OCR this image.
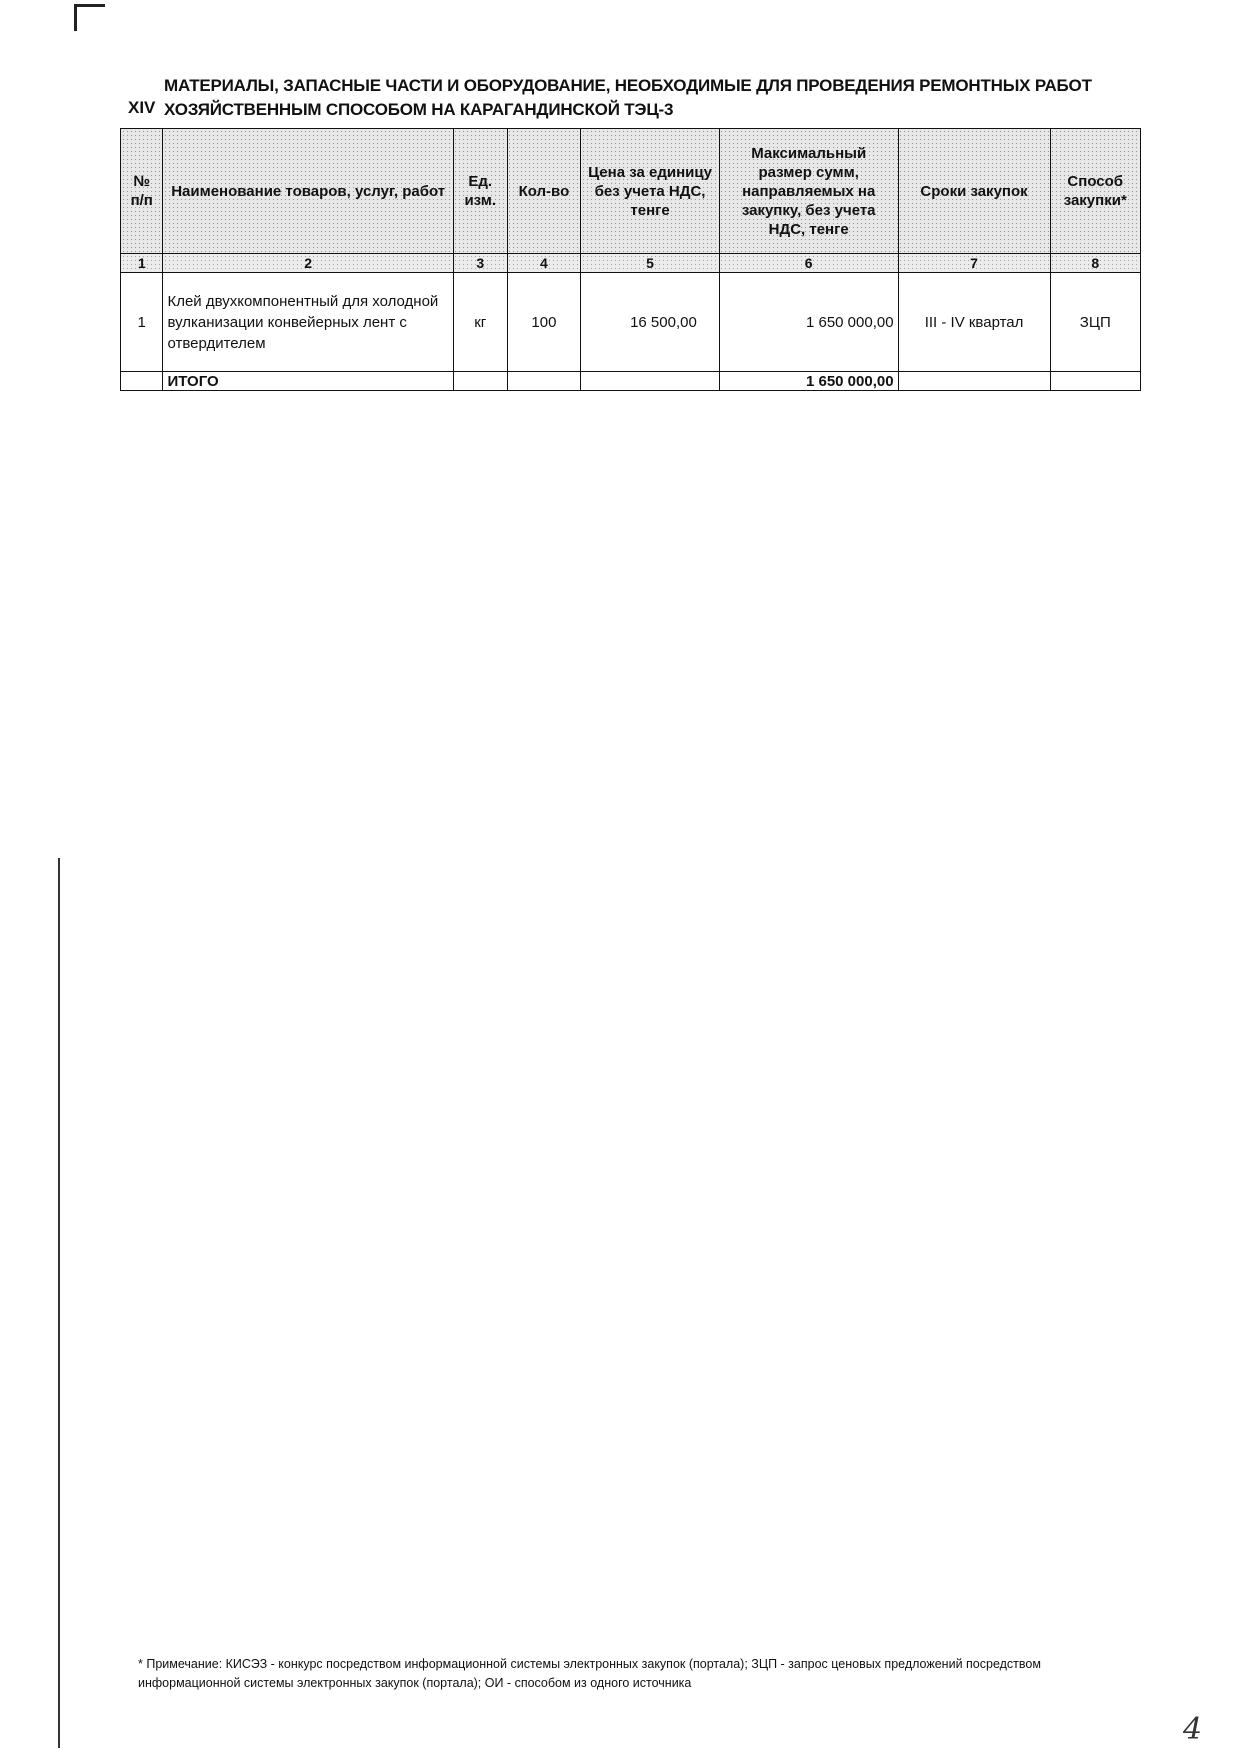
XIV
МАТЕРИАЛЫ, ЗАПАСНЫЕ ЧАСТИ И ОБОРУДОВАНИЕ, НЕОБХОДИМЫЕ ДЛЯ ПРОВЕДЕНИЯ РЕМОНТНЫХ РАБОТ ХОЗЯЙСТВЕННЫМ СПОСОБОМ НА КАРАГАНДИНСКОЙ ТЭЦ-3
№ п/п	Наименование товаров, услуг, работ	Ед. изм.	Кол-во	Цена за единицу без учета НДС, тенге	Максимальный размер сумм, направляемых на закупку, без учета НДС, тенге	Сроки закупок	Способ закупки*
1	2	3	4	5	6	7	8
1	Клей двухкомпонентный для холодной вулканизации конвейерных лент с отвердителем	кг	100	16 500,00	1 650 000,00	III - IV квартал	ЗЦП
	ИТОГО				1 650 000,00		
* Примечание: КИСЭЗ - конкурс посредством информационной системы электронных закупок (портала); ЗЦП - запрос ценовых предложений посредством информационной системы электронных закупок (портала); ОИ - способом из одного источника
4
